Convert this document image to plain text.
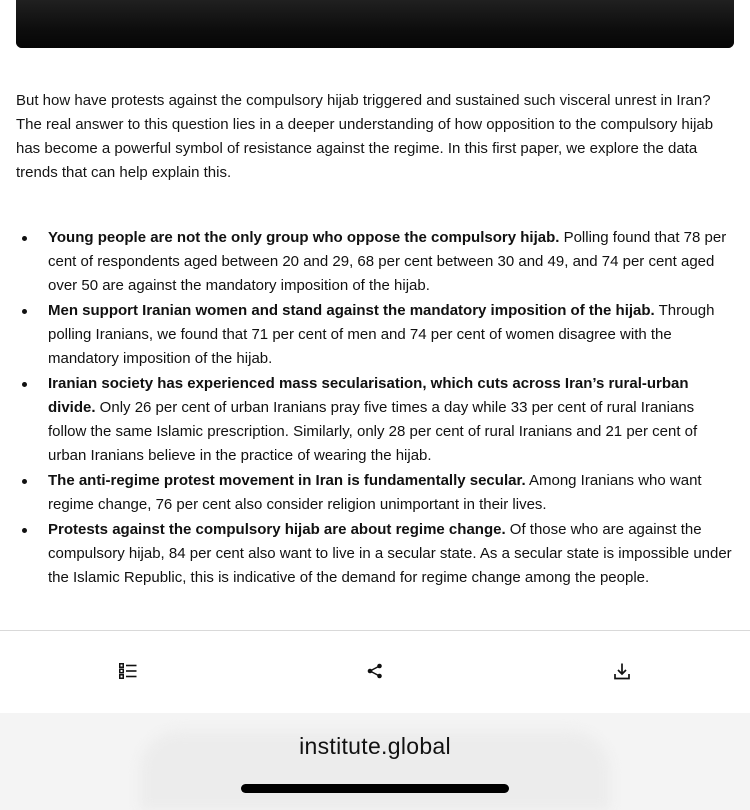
But how have protests against the compulsory hijab triggered and sustained such visceral unrest in Iran? The real answer to this question lies in a deeper understanding of how opposition to the compulsory hijab has become a powerful symbol of resistance against the regime. In this first paper, we explore the data trends that can help explain this.

Young people are not the only group who oppose the compulsory hijab. Polling found that 78 per cent of respondents aged between 20 and 29, 68 per cent between 30 and 49, and 74 per cent aged over 50 are against the mandatory imposition of the hijab.
Men support Iranian women and stand against the mandatory imposition of the hijab. Through polling Iranians, we found that 71 per cent of men and 74 per cent of women disagree with the mandatory imposition of the hijab.
Iranian society has experienced mass secularisation, which cuts across Iran’s rural-urban divide. Only 26 per cent of urban Iranians pray five times a day while 33 per cent of rural Iranians follow the same Islamic prescription. Similarly, only 28 per cent of rural Iranians and 21 per cent of urban Iranians believe in the practice of wearing the hijab.
The anti-regime protest movement in Iran is fundamentally secular. Among Iranians who want regime change, 76 per cent also consider religion unimportant in their lives.
Protests against the compulsory hijab are about regime change. Of those who are against the compulsory hijab, 84 per cent also want to live in a secular state. As a secular state is impossible under the Islamic Republic, this is indicative of the demand for regime change among the people.
institute.global
